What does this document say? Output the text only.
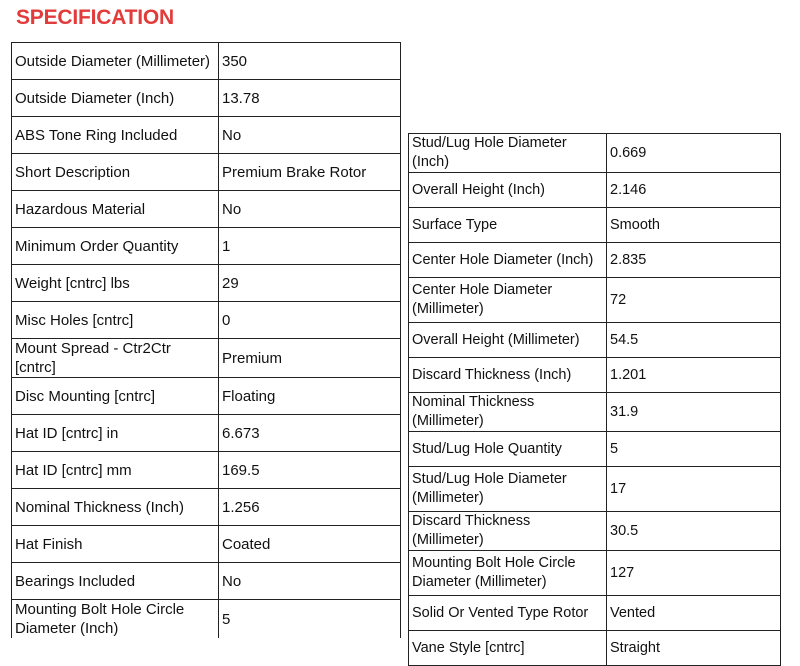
SPECIFICATION
Outside Diameter (Millimeter)	350
Outside Diameter (Inch)	13.78
ABS Tone Ring Included	No
Short Description	Premium Brake Rotor
Hazardous Material	No
Minimum Order Quantity	1
Weight [cntrc] lbs	29
Misc Holes [cntrc]	0
Mount Spread - Ctr2Ctr [cntrc]	Premium
Disc Mounting [cntrc]	Floating
Hat ID [cntrc] in	6.673
Hat ID [cntrc] mm	169.5
Nominal Thickness (Inch)	1.256
Hat Finish	Coated
Bearings Included	No
Mounting Bolt Hole Circle Diameter (Inch)	5
Stud/Lug Hole Diameter (Inch)	0.669
Overall Height (Inch)	2.146
Surface Type	Smooth
Center Hole Diameter (Inch)	2.835
Center Hole Diameter (Millimeter)	72
Overall Height (Millimeter)	54.5
Discard Thickness (Inch)	1.201
Nominal Thickness (Millimeter)	31.9
Stud/Lug Hole Quantity	5
Stud/Lug Hole Diameter (Millimeter)	17
Discard Thickness (Millimeter)	30.5
Mounting Bolt Hole Circle Diameter (Millimeter)	127
Solid Or Vented Type Rotor	Vented
Vane Style [cntrc]	Straight
